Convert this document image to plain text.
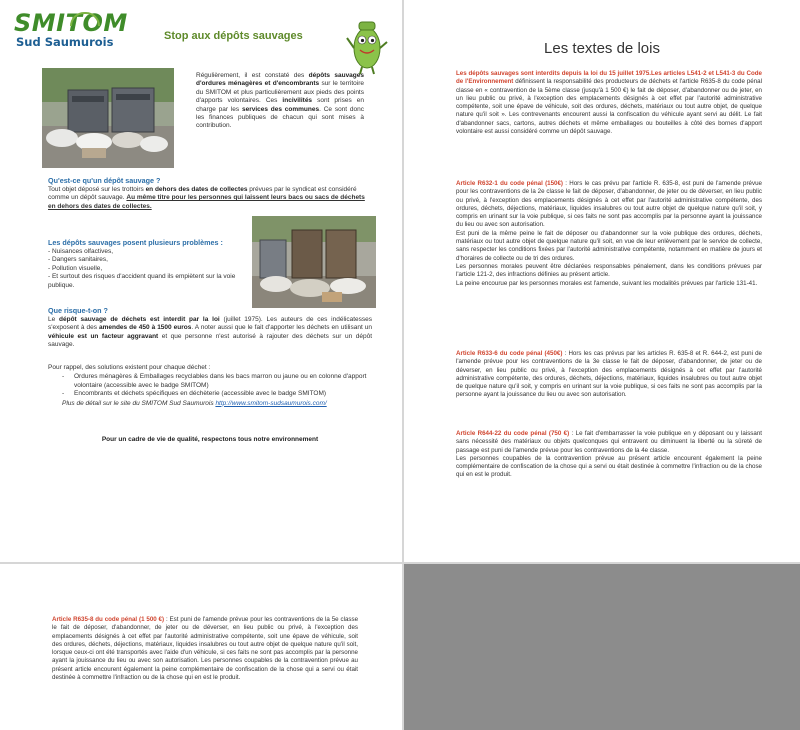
SMITOM
Sud Saumurois	Stop aux dépôts sauvages
Régulièrement, il est constaté des dépôts sauvages d'ordures ménagères et d'encombrants sur le territoire du SMITOM et plus particulièrement aux pieds des points d'apports volontaires. Ces incivilités sont prises en charge par les services des communes. Ce sont donc les finances publiques de chacun qui sont mises à contribution.
Qu'est-ce qu'un dépôt sauvage ?
Tout objet déposé sur les trottoirs en dehors des dates de collectes prévues par le syndicat est considéré comme un dépôt sauvage. Au même titre pour les personnes qui laissent leurs bacs ou sacs de déchets en dehors des dates de collectes.
Les dépôts sauvages posent plusieurs problèmes :
- Nuisances olfactives,
- Dangers sanitaires,
- Pollution visuelle,
- Et surtout des risques d'accident quand ils empiètent sur la voie publique.
Que risque-t-on ?
Le dépôt sauvage de déchets est interdit par la loi (juillet 1975). Les auteurs de ces indélicatesses s'exposent à des amendes de 450 à 1500 euros. A noter aussi que le fait d'apporter les déchets en utilisant un véhicule est un facteur aggravant et que personne n'est autorisé à rajouter des déchets sur un dépôt sauvage.
Pour rappel, des solutions existent pour chaque déchet :
- Ordures ménagères & Emballages recyclables dans les bacs marron ou jaune ou en colonne d'apport volontaire (accessible avec le badge SMITOM)
- Encombrants et déchets spécifiques en déchèterie (accessible avec le badge SMITOM)
Plus de détail sur le site du SMITOM Sud Saumurois http://www.smitom-sudsaumurois.com/
Pour un cadre de vie de qualité, respectons tous notre environnement
Les textes de lois
Les dépôts sauvages sont interdits depuis la loi du 15 juillet 1975.Les articles L541-2 et L541-3 du Code de l'Environnement définissent la responsabilité des producteurs de déchets et l'article R635-8 du code pénal classe en « contravention de la 5ème classe (jusqu'à 1 500 €) le fait de déposer, d'abandonner ou de jeter, en un lieu public ou privé, à l'exception des emplacements désignés à cet effet par l'autorité administrative compétente, soit une épave de véhicule, soit des ordures, déchets, matériaux ou tout autre objet, de quelque nature qu'il soit ». Les contrevenants encourent aussi la confiscation du véhicule ayant servi au délit. Le fait d'abandonner sacs, cartons, autres déchets et même emballages ou bouteilles à côté des bornes d'apport volontaire est aussi considéré comme un dépôt sauvage.
Article R632-1 du code pénal (150€) : Hors le cas prévu par l'article R. 635-8, est puni de l'amende prévue pour les contraventions de la 2e classe le fait de déposer, d'abandonner, de jeter ou de déverser, en lieu public ou privé, à l'exception des emplacements désignés à cet effet par l'autorité administrative compétente, des ordures, déchets, déjections, matériaux, liquides insalubres ou tout autre objet de quelque nature qu'il soit, y compris en urinant sur la voie publique, si ces faits ne sont pas accomplis par la personne ayant la jouissance du lieu ou avec son autorisation.
Est puni de la même peine le fait de déposer ou d'abandonner sur la voie publique des ordures, déchets, matériaux ou tout autre objet de quelque nature qu'il soit, en vue de leur enlèvement par le service de collecte, sans respecter les conditions fixées par l'autorité administrative compétente, notamment en matière de jours et d'horaires de collecte ou de tri des ordures.
Les personnes morales peuvent être déclarées responsables pénalement, dans les conditions prévues par l'article 121-2, des infractions définies au présent article.
La peine encourue par les personnes morales est l'amende, suivant les modalités prévues par l'article 131-41.
Article R633-6 du code pénal (450€) : Hors les cas prévus par les articles R. 635-8 et R. 644-2, est puni de l'amende prévue pour les contraventions de la 3e classe le fait de déposer, d'abandonner, de jeter ou de déverser, en lieu public ou privé, à l'exception des emplacements désignés à cet effet par l'autorité administrative compétente, des ordures, déchets, déjections, matériaux, liquides insalubres ou tout autre objet de quelque nature qu'il soit, y compris en urinant sur la voie publique, si ces faits ne sont pas accomplis par la personne ayant la jouissance du lieu ou avec son autorisation.
Article R644-22 du code pénal (750 €) : Le fait d'embarrasser la voie publique en y déposant ou y laissant sans nécessité des matériaux ou objets quelconques qui entravent ou diminuent la liberté ou la sûreté de passage est puni de l'amende prévue pour les contraventions de la 4e classe.
Les personnes coupables de la contravention prévue au présent article encourent également la peine complémentaire de confiscation de la chose qui a servi ou était destinée à commettre l'infraction ou de la chose qui en est le produit.
Article R635-8 du code pénal (1 500 €) : Est puni de l'amende prévue pour les contraventions de la 5e classe le fait de déposer, d'abandonner, de jeter ou de déverser, en lieu public ou privé, à l'exception des emplacements désignés à cet effet par l'autorité administrative compétente, soit une épave de véhicule, soit des ordures, déchets, déjections, matériaux, liquides insalubres ou tout autre objet de quelque nature qu'il soit, lorsque ceux-ci ont été transportés avec l'aide d'un véhicule, si ces faits ne sont pas accomplis par la personne ayant la jouissance du lieu ou avec son autorisation. Les personnes coupables de la contravention prévue au présent article encourent également la peine complémentaire de confiscation de la chose qui a servi ou était destinée à commettre l'infraction ou de la chose qui en est le produit.
